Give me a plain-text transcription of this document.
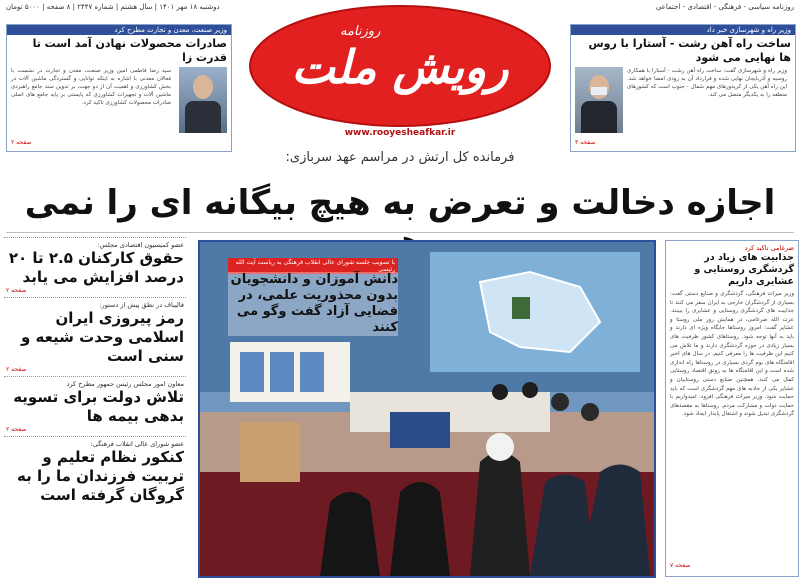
دوشنبه ۱۸ مهر ۱۴۰۱ | سال هشتم | شماره ۲۴۴۷ | ۸ صفحه | ۵۰۰۰ تومان	روزنامه سیاسی - فرهنگی - اقتصادی - اجتماعی
وزیر صنعت، معدن و تجارت مطرح کرد
صادرات محصولات نهادن آمد است تا قدرت زا
سید رضا فاطمی امین وزیر صنعت، معدن و تجارت در نشست با فعالان معدنی با اشاره به اینکه توانایی و گستردگی ماشین آلات در بخش کشاورزی و اهمیت آن از دو جهت، بر تدوین سند جامع راهبردی ماشین آلات و تجهیزات کشاورزی که پایستی بر پایه جامع های اصلی صادرات محصولات کشاورزی تاکید کرد.
صفحه ۲
وزیر راه و شهرسازی خبر داد
ساخت راه آهن رشت - آستارا با روس ها نهایی می شود
وزیر راه و شهرسازی گفت: ساخت راه آهن رشت - آستارا با همکاری روسیه و آذربایجان نهایی شده و قرارداد آن به زودی امضا خواهد شد. این راه آهن یکی از کریدورهای مهم شمال - جنوب است که کشورهای منطقه را به یکدیگر متصل می کند.
صفحه ۳
روزنامه
رویش ملت
www.rooyesheafkar.ir
فرمانده کل ارتش در مراسم عهد سربازی:
اجازه دخالت و تعرض به هیچ بیگانه ای را نمی
عضو کمیسیون اقتصادی مجلس:
حقوق کارکنان ۲.۵ تا ۲۰ درصد افزایش می یابد
صفحه ۲
قالیباف در نطق پیش از دستور:
رمز پیروزی ایران اسلامی وحدت شیعه و سنی است
صفحه ۲
معاون امور مجلس رئیس جمهور مطرح کرد
تلاش دولت برای تسویه بدهی بیمه ها
صفحه ۲
عضو شورای عالی انقلاب فرهنگی:
کنکور نظام تعلیم و تربیت فرزندان ما را به گروگان گرفته است
با تصویب جلسه شورای عالی انقلاب فرهنگی به ریاست آیت الله رئیسی
دانش آموزان و دانشجویان بدون محذوریت علمی، در فضایی آزاد گفت وگو می کنند
ضرغامی تاکید کرد
جذابیت های زیاد در گردشگری روستایی و عشایری داریم
وزیر میراث فرهنگی، گردشگری و صنایع دستی گفت: بسیاری از گردشگران خارجی به ایران سفر می کنند تا جذابیت های گردشگری روستایی و عشایری را ببینند. عزت الله ضرغامی، در همایش روز ملی روستا و عشایر گفت: امروز روستاها جایگاه ویژه ای دارند و باید به آنها توجه شود. روستاهای کشور ظرفیت های بسیار زیادی در حوزه گردشگری دارند و ما تلاش می کنیم این ظرفیت ها را معرفی کنیم. در سال های اخیر اقامتگاه های بوم گردی بسیاری در روستاها راه اندازی شده است و این اقامتگاه ها به رونق اقتصاد روستایی کمک می کنند. همچنین صنایع دستی روستاییان و عشایر یکی از جاذبه های مهم گردشگری است که باید حمایت شود. وزیر میراث فرهنگی افزود: امیدواریم با حمایت دولت و مشارکت مردم، روستاها به مقصدهای گردشگری تبدیل شوند و اشتغال پایدار ایجاد شود.
صفحه ۷
